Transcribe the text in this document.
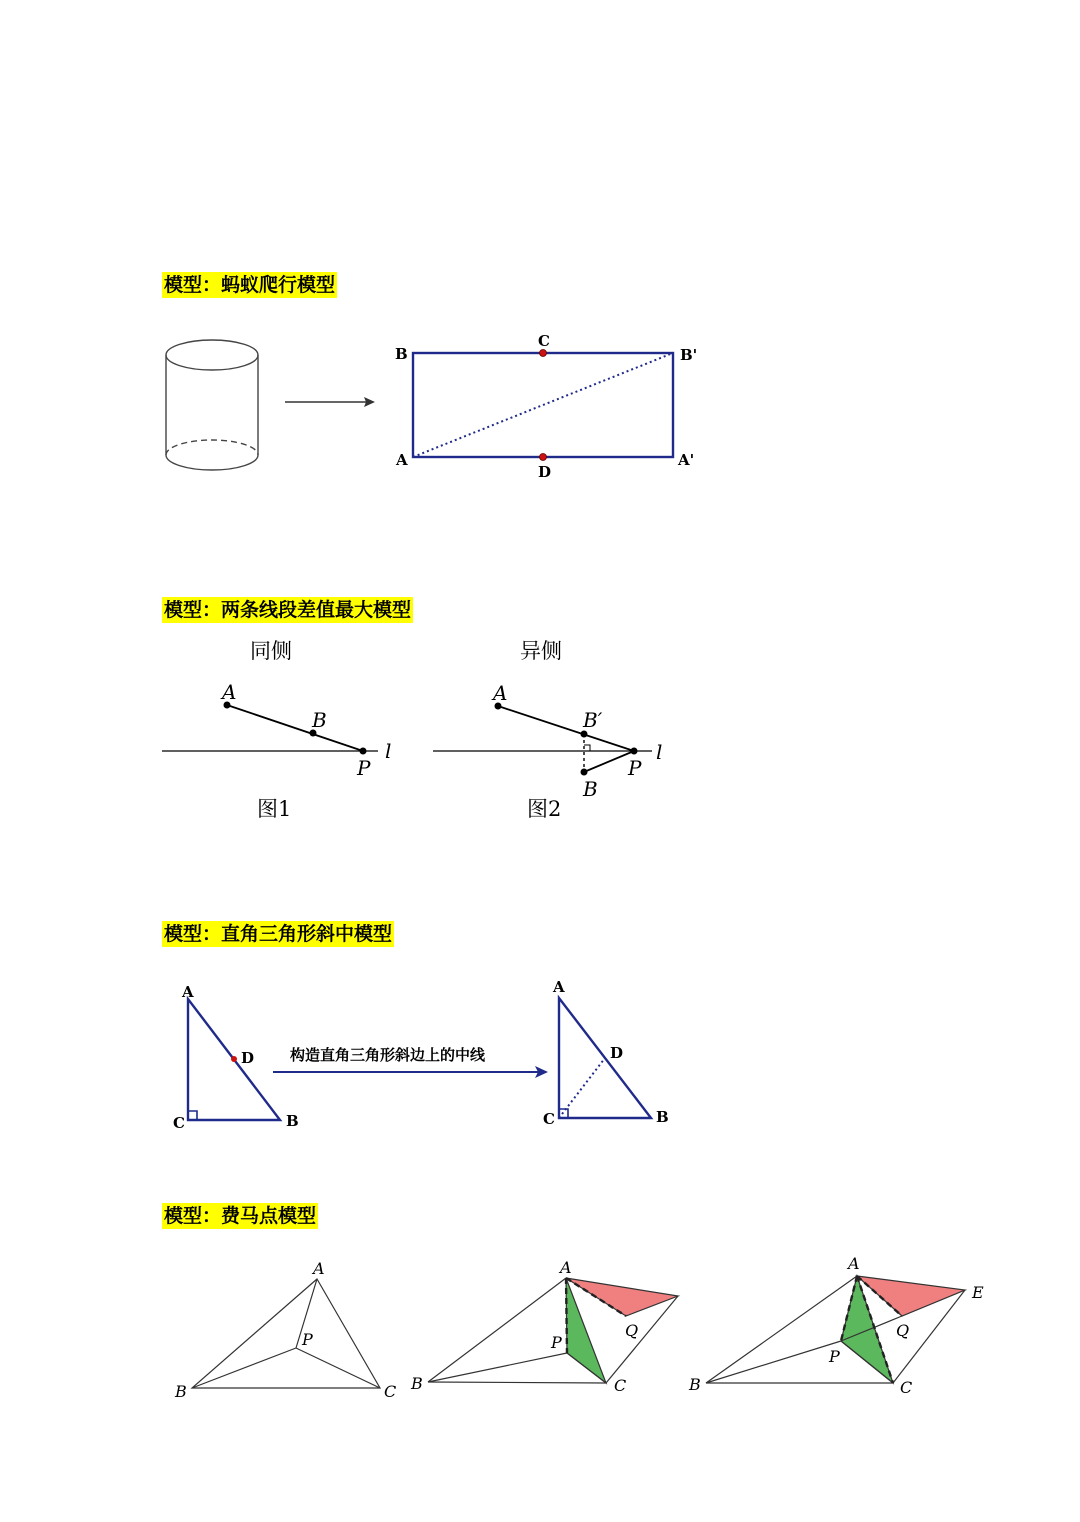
模型：蚂蚁爬行模型
B
C
B'
A
D
A'
模型：两条线段差值最大模型
同侧	异侧
A
B
P
l
图1
A
B′
P
l
B
图2
模型：直角三角形斜中模型
A
D
C	B
构造直角三角形斜边上的中线
A
D
C	B
模型：费马点模型
A
P
B	C
A
P
Q
B	C
A
E
Q
P
B	C
